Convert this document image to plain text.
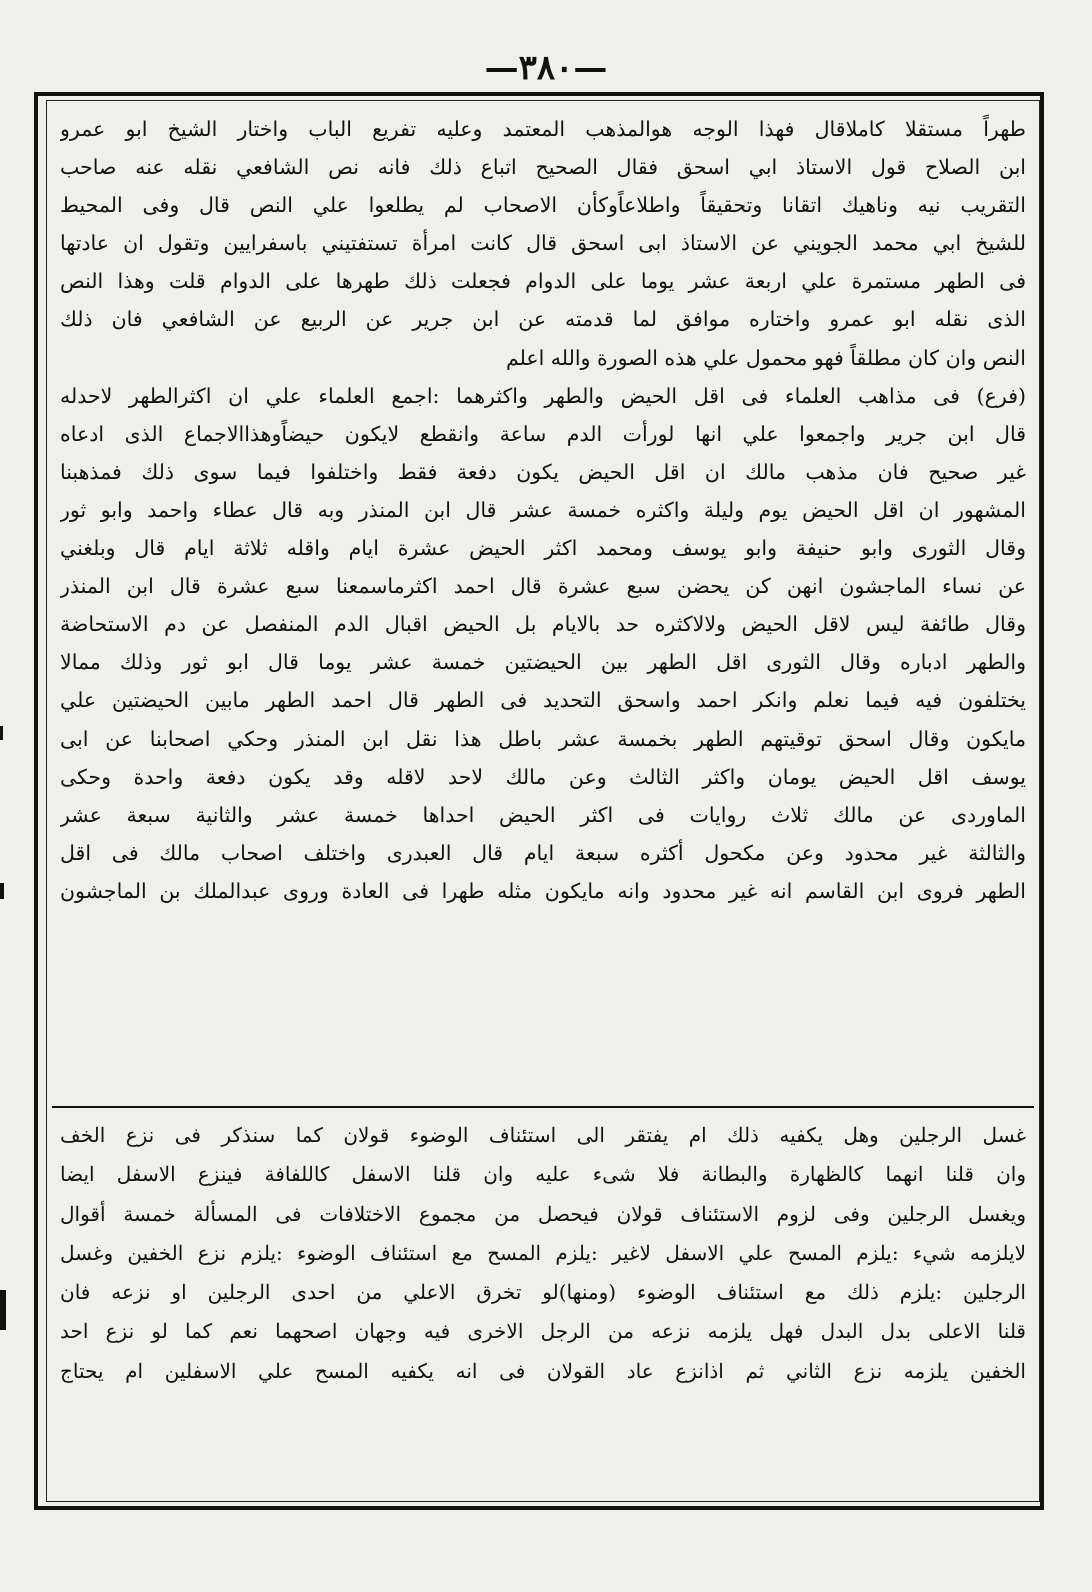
—٣٨٠—
طهراً مستقلا كاملاقال فهذا الوجه هوالمذهب المعتمد وعليه تفريع الباب واختار الشيخ ابو عمرو
ابن الصلاح قول الاستاذ ابي اسحق فقال الصحيح اتباع ذلك فانه نص الشافعي نقله عنه صاحب
التقريب نيه وناهيك اتقانا وتحقيقاً واطلاعاًوكأن الاصحاب لم يطلعوا علي النص قال وفى المحيط
للشيخ ابي محمد الجويني عن الاستاذ ابى اسحق قال كانت امرأة تستفتيني باسفرايين وتقول ان عادتها
فى الطهر مستمرة علي اربعة عشر يوما على الدوام فجعلت ذلك طهرها على الدوام قلت وهذا النص
الذى نقله ابو عمرو واختاره موافق لما قدمته عن ابن جرير عن الربيع عن الشافعي فان ذلك
النص وان كان مطلقاً فهو محمول علي هذه الصورة والله اعلم
(فرع) فى مذاهب العلماء فى اقل الحيض والطهر واكثرهما :اجمع العلماء علي ان اكثرالطهر لاحدله
قال ابن جرير واجمعوا علي انها لورأت الدم ساعة وانقطع لايكون حيضاًوهذاالاجماع الذى ادعاه
غير صحيح فان مذهب مالك ان اقل الحيض يكون دفعة فقط واختلفوا فيما سوى ذلك فمذهبنا
المشهور ان اقل الحيض يوم وليلة واكثره خمسة عشر قال ابن المنذر وبه قال عطاء واحمد وابو ثور
وقال الثورى وابو حنيفة وابو يوسف ومحمد اكثر الحيض عشرة ايام واقله ثلاثة ايام قال وبلغني
عن نساء الماجشون انهن كن يحضن سبع عشرة قال احمد اكثرماسمعنا سبع عشرة قال ابن المنذر
وقال طائفة ليس لاقل الحيض ولالاكثره حد بالايام بل الحيض اقبال الدم المنفصل عن دم الاستحاضة
والطهر ادباره وقال الثورى اقل الطهر بين الحيضتين خمسة عشر يوما قال ابو ثور وذلك ممالا
يختلفون فيه فيما نعلم وانكر احمد واسحق التحديد فى الطهر قال احمد الطهر مابين الحيضتين علي
مايكون وقال اسحق توقيتهم الطهر بخمسة عشر باطل هذا نقل ابن المنذر وحكي اصحابنا عن ابى
يوسف اقل الحيض يومان واكثر الثالث وعن مالك لاحد لاقله وقد يكون دفعة واحدة وحكى
الماوردى عن مالك ثلاث روايات فى اكثر الحيض احداها خمسة عشر والثانية سبعة عشر
والثالثة غير محدود وعن مكحول أكثره سبعة ايام قال العبدرى واختلف اصحاب مالك فى اقل
الطهر فروى ابن القاسم انه غير محدود وانه مايكون مثله طهرا فى العادة وروى عبدالملك بن الماجشون
غسل الرجلين وهل يكفيه ذلك ام يفتقر الى استئناف الوضوء قولان كما سنذكر فى نزع الخف
وان قلنا انهما كالظهارة والبطانة فلا شىء عليه وان قلنا الاسفل كاللفافة فينزع الاسفل ايضا
ويغسل الرجلين وفى لزوم الاستئناف قولان فيحصل من مجموع الاختلافات فى المسألة خمسة أقوال
لايلزمه شيء :يلزم المسح علي الاسفل لاغير :يلزم المسح مع استئناف الوضوء :يلزم نزع الخفين وغسل
الرجلين :يلزم ذلك مع استئناف الوضوء (ومنها)لو تخرق الاعلي من احدى الرجلين او نزعه فان
قلنا الاعلى بدل البدل فهل يلزمه نزعه من الرجل الاخرى فيه وجهان اصحهما نعم كما لو نزع احد
الخفين يلزمه نزع الثاني ثم اذانزع عاد القولان فى انه يكفيه المسح علي الاسفلين ام يحتاج
